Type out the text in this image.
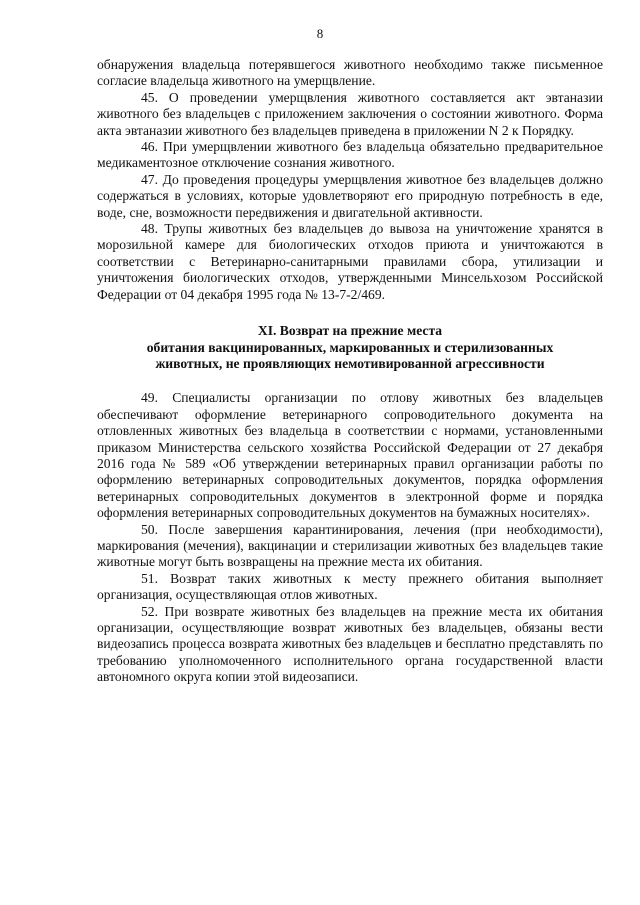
8

обнаружения владельца потерявшегося животного необходимо также письменное согласие владельца животного на умерщвление.

45. О проведении умерщвления животного составляется акт эвтаназии животного без владельцев с приложением заключения о состоянии животного. Форма акта эвтаназии животного без владельцев приведена в приложении N 2 к Порядку.

46. При умерщвлении животного без владельца обязательно предварительное медикаментозное отключение сознания животного.

47. До проведения процедуры умерщвления животное без владельцев должно содержаться в условиях, которые удовлетворяют его природную потребность в еде, воде, сне, возможности передвижения и двигательной активности.

48. Трупы животных без владельцев до вывоза на уничтожение хранятся в морозильной камере для биологических отходов приюта и уничтожаются в соответствии с Ветеринарно-санитарными правилами сбора, утилизации и уничтожения биологических отходов, утвержденными Минсельхозом Российской Федерации от 04 декабря 1995 года № 13-7-2/469.

XI. Возврат на прежние места
обитания вакцинированных, маркированных и стерилизованных
животных, не проявляющих немотивированной агрессивности

49. Специалисты организации по отлову животных без владельцев обеспечивают оформление ветеринарного сопроводительного документа на отловленных животных без владельца в соответствии с нормами, установленными приказом Министерства сельского хозяйства Российской Федерации от 27 декабря 2016 года № 589 «Об утверждении ветеринарных правил организации работы по оформлению ветеринарных сопроводительных документов, порядка оформления ветеринарных сопроводительных документов в электронной форме и порядка оформления ветеринарных сопроводительных документов на бумажных носителях».

50. После завершения карантинирования, лечения (при необходимости), маркирования (мечения), вакцинации и стерилизации животных без владельцев такие животные могут быть возвращены на прежние места их обитания.

51. Возврат таких животных к месту прежнего обитания выполняет организация, осуществляющая отлов животных.

52. При возврате животных без владельцев на прежние места их обитания организации, осуществляющие возврат животных без владельцев, обязаны вести видеозапись процесса возврата животных без владельцев и бесплатно представлять по требованию уполномоченного исполнительного органа государственной власти автономного округа копии этой видеозаписи.
